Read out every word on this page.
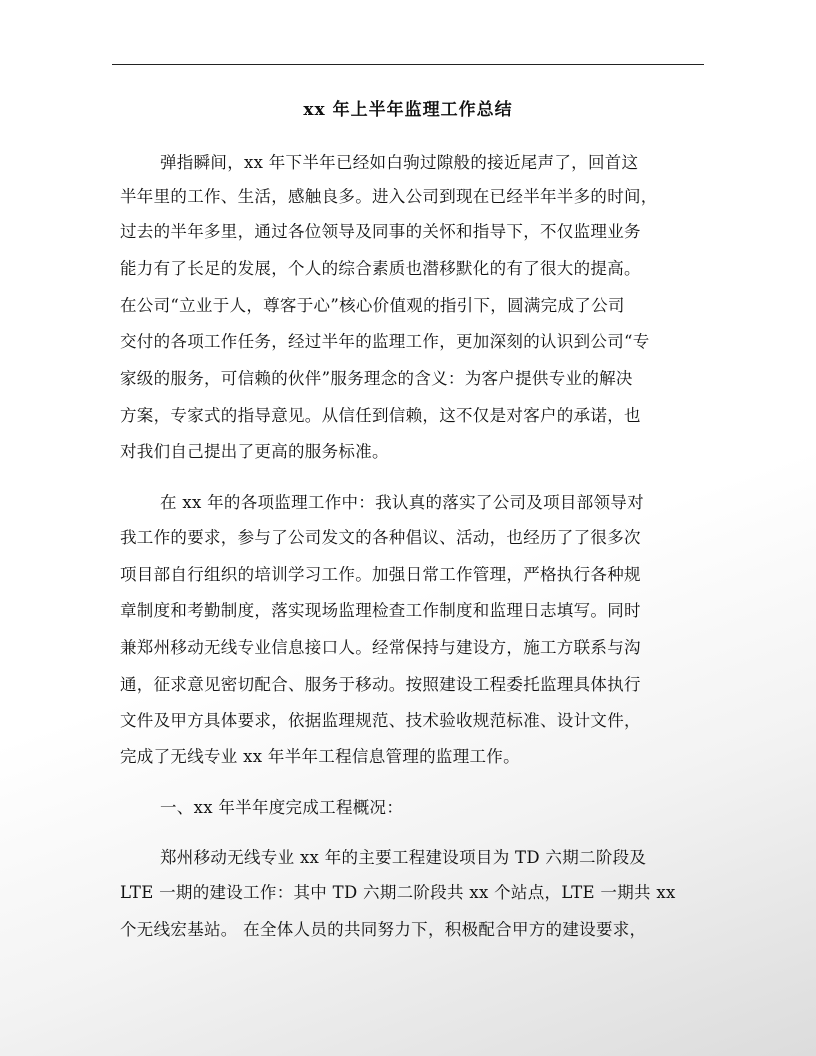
xx 年上半年监理工作总结
弹指瞬间，xx 年下半年已经如白驹过隙般的接近尾声了，回首这
半年里的工作、生活，感触良多。进入公司到现在已经半年半多的时间，
过去的半年多里，通过各位领导及同事的关怀和指导下，不仅监理业务
能力有了长足的发展，个人的综合素质也潜移默化的有了很大的提高。
在公司“立业于人，尊客于心”核心价值观的指引下，圆满完成了公司
交付的各项工作任务，经过半年的监理工作，更加深刻的认识到公司“专
家级的服务，可信赖的伙伴”服务理念的含义：为客户提供专业的解决
方案，专家式的指导意见。从信任到信赖，这不仅是对客户的承诺，也
对我们自己提出了更高的服务标准。
在 xx 年的各项监理工作中：我认真的落实了公司及项目部领导对
我工作的要求，参与了公司发文的各种倡议、活动，也经历了了很多次
项目部自行组织的培训学习工作。加强日常工作管理，严格执行各种规
章制度和考勤制度，落实现场监理检查工作制度和监理日志填写。同时
兼郑州移动无线专业信息接口人。经常保持与建设方，施工方联系与沟
通，征求意见密切配合、服务于移动。按照建设工程委托监理具体执行
文件及甲方具体要求，依据监理规范、技术验收规范标准、设计文件，
完成了无线专业 xx 年半年工程信息管理的监理工作。
一、xx 年半年度完成工程概况：
郑州移动无线专业 xx 年的主要工程建设项目为 TD 六期二阶段及
LTE 一期的建设工作：其中 TD 六期二阶段共 xx 个站点，LTE 一期共 xx
个无线宏基站。 在全体人员的共同努力下，积极配合甲方的建设要求，
